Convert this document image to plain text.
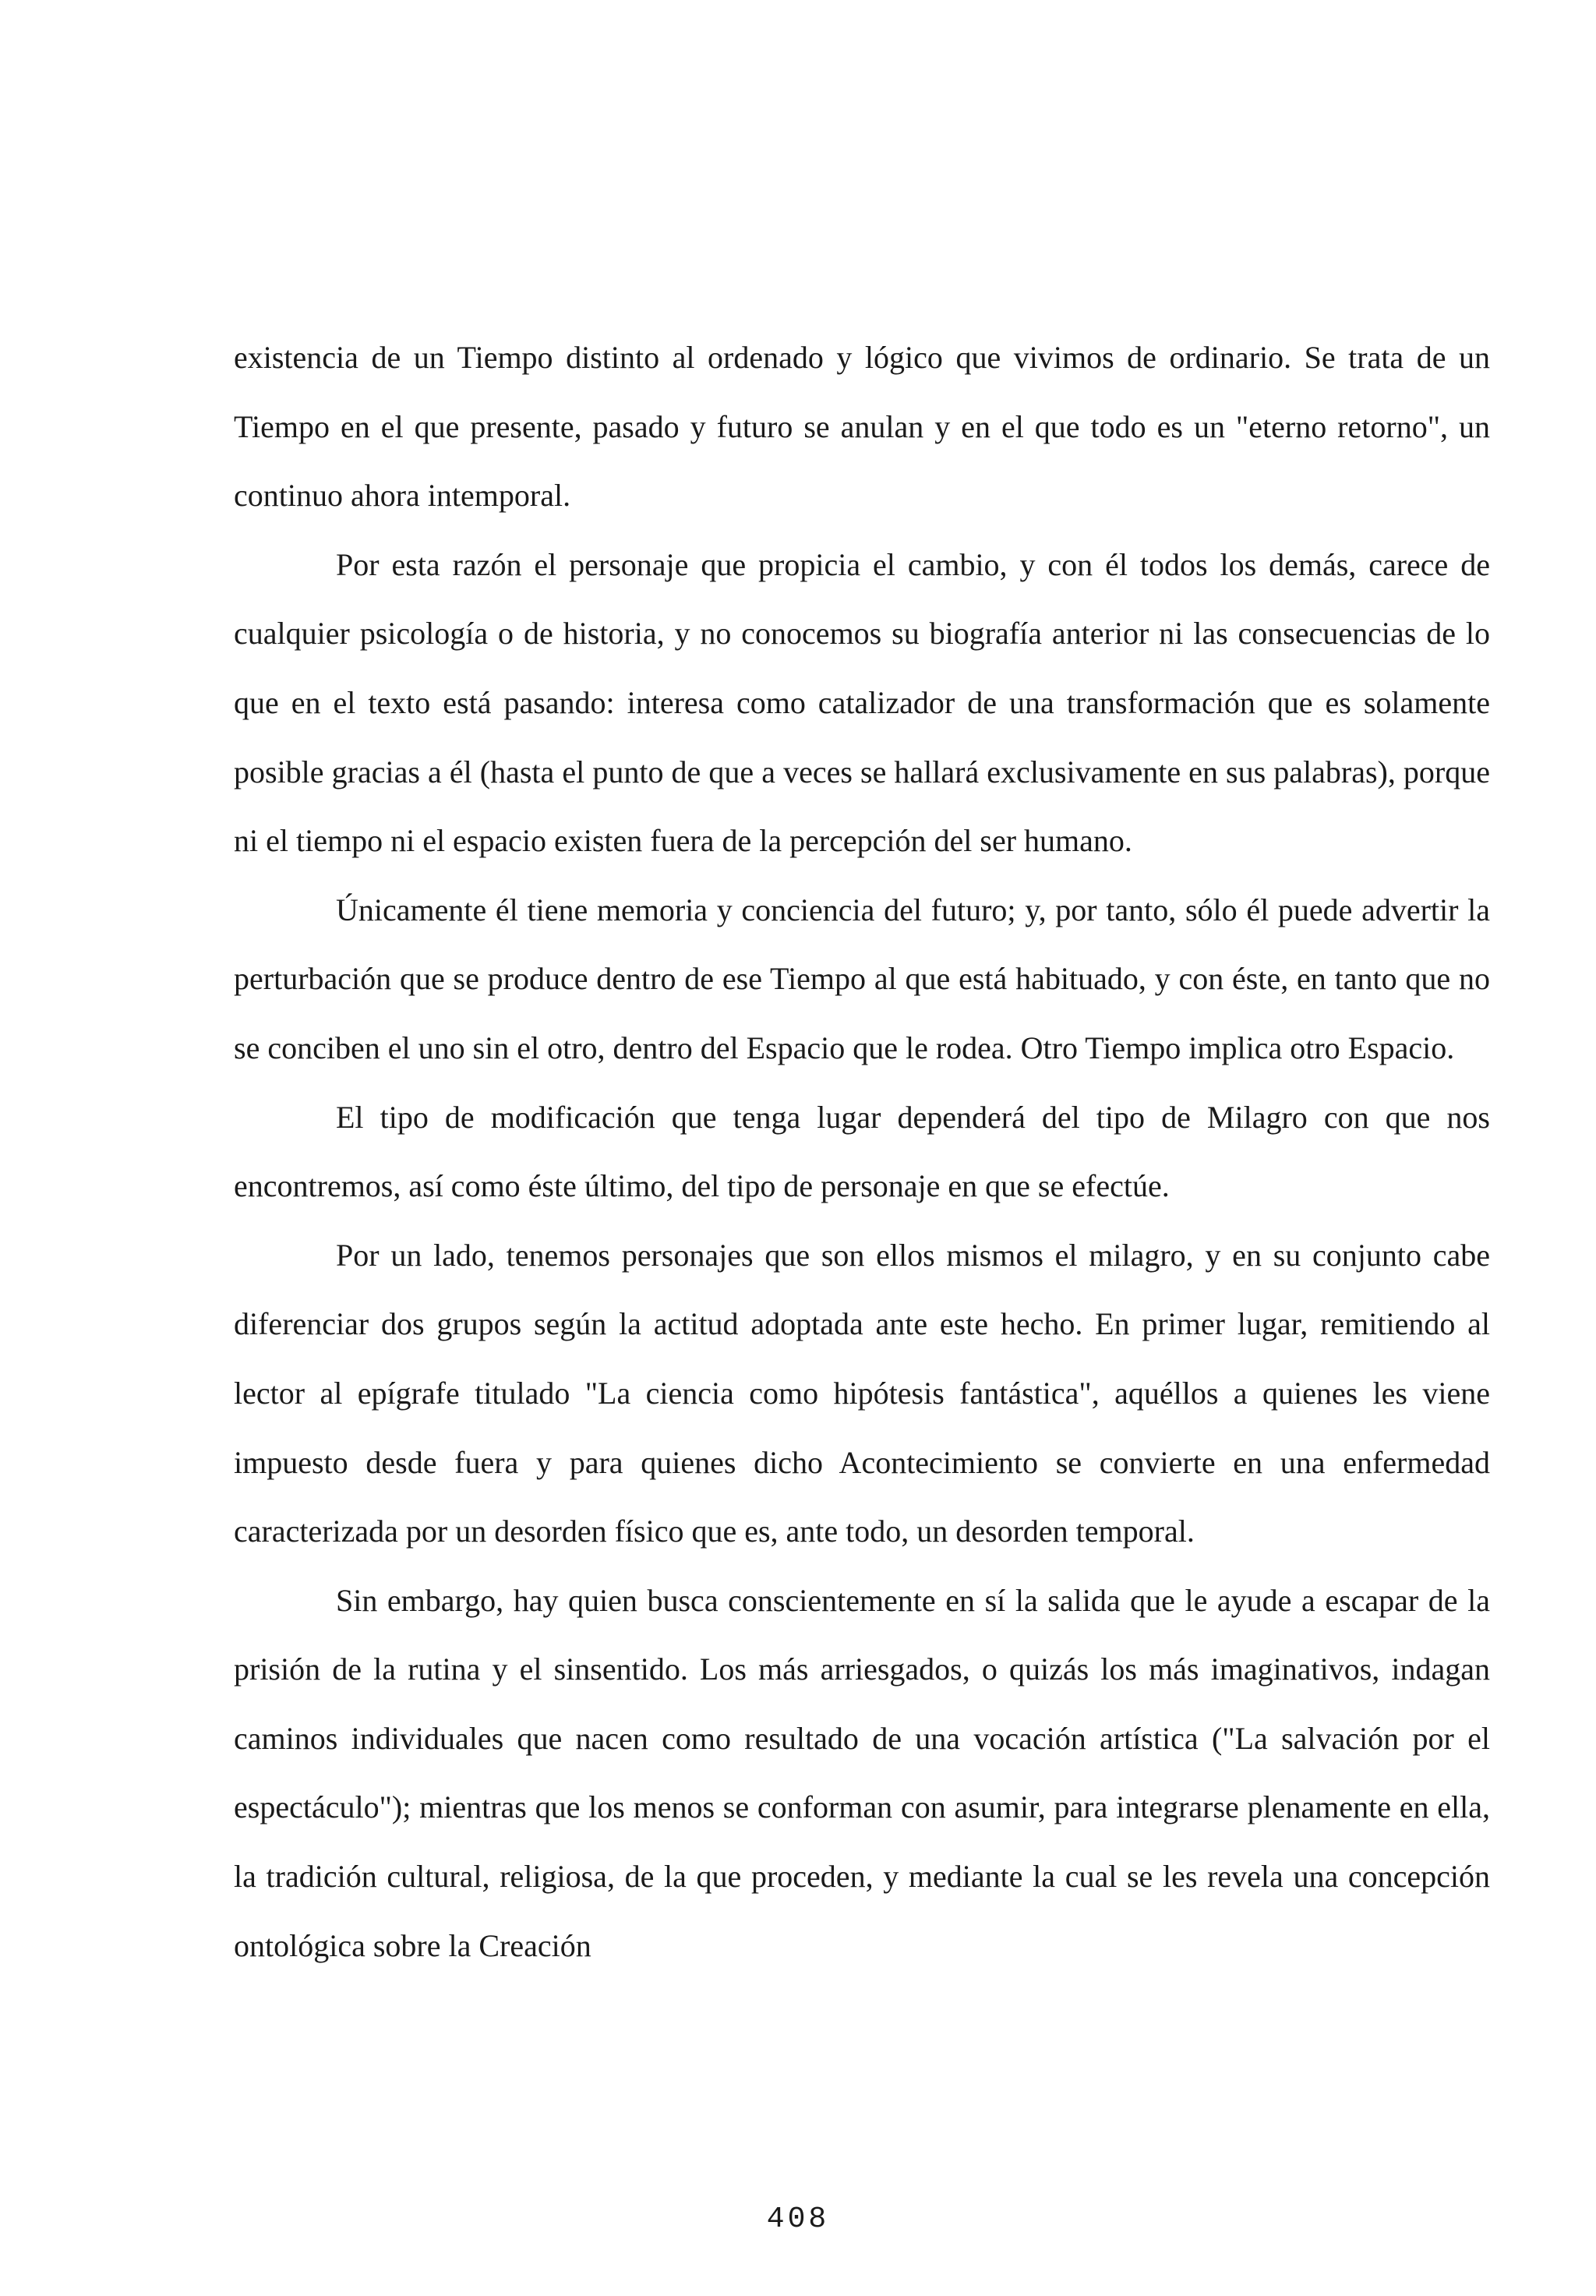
existencia de un Tiempo distinto al ordenado y lógico que vivimos de ordinario. Se trata de un Tiempo en el que presente, pasado y futuro se anulan y en el que todo es un "eterno retorno", un continuo ahora intemporal.

Por esta razón el personaje que propicia el cambio, y con él todos los demás, carece de cualquier psicología o de historia, y no conocemos su biografía anterior ni las consecuencias de lo que en el texto está pasando: interesa como catalizador de una transformación que es solamente posible gracias a él (hasta el punto de que a veces se hallará exclusivamente en sus palabras), porque ni el tiempo ni el espacio existen fuera de la percepción del ser humano.

Únicamente él tiene memoria y conciencia del futuro; y, por tanto, sólo él puede advertir la perturbación que se produce dentro de ese Tiempo al que está habituado, y con éste, en tanto que no se conciben el uno sin el otro, dentro del Espacio que le rodea. Otro Tiempo implica otro Espacio.

El tipo de modificación que tenga lugar dependerá del tipo de Milagro con que nos encontremos, así como éste último, del tipo de personaje en que se efectúe.

Por un lado, tenemos personajes que son ellos mismos el milagro, y en su conjunto cabe diferenciar dos grupos según la actitud adoptada ante este hecho. En primer lugar, remitiendo al lector al epígrafe titulado "La ciencia como hipótesis fantástica", aquéllos a quienes les viene impuesto desde fuera y para quienes dicho Acontecimiento se convierte en una enfermedad caracterizada por un desorden físico que es, ante todo, un desorden temporal.

Sin embargo, hay quien busca conscientemente en sí la salida que le ayude a escapar de la prisión de la rutina y el sinsentido. Los más arriesgados, o quizás los más imaginativos, indagan caminos individuales que nacen como resultado de una vocación artística ("La salvación por el espectáculo"); mientras que los menos se conforman con asumir, para integrarse plenamente en ella, la tradición cultural, religiosa, de la que proceden, y mediante la cual se les revela una concepción ontológica sobre la Creación

408
